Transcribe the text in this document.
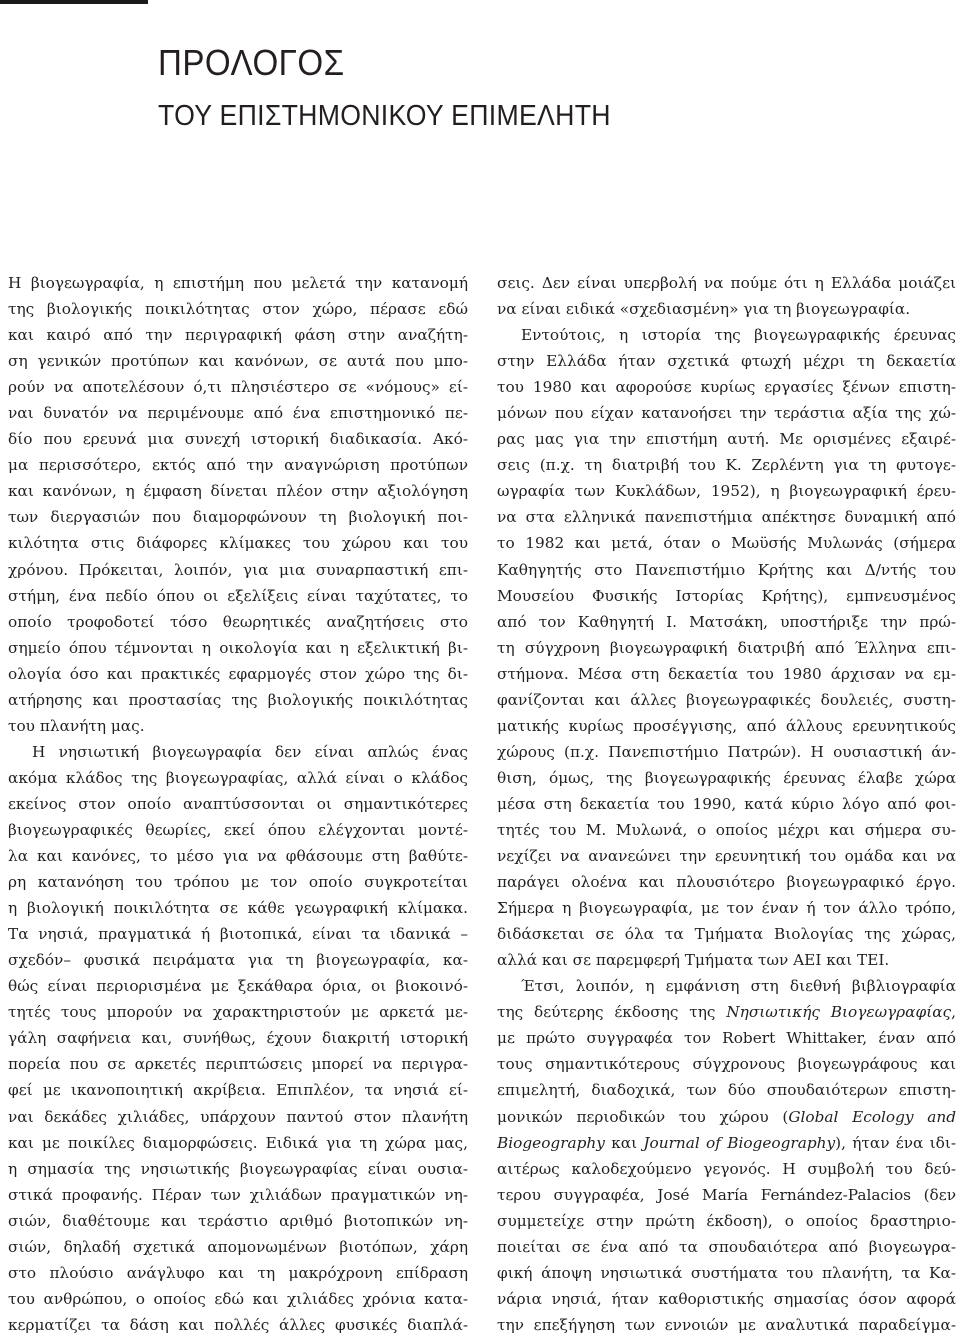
ΠΡΟΛΟΓΟΣ
ΤΟΥ ΕΠΙΣΤΗΜΟΝΙΚΟΥ ΕΠΙΜΕΛΗΤΗ
Η βιογεωγραφία, η επιστήμη που μελετά την κατανομή
της βιολογικής ποικιλότητας στον χώρο, πέρασε εδώ
και καιρό από την περιγραφική φάση στην αναζήτη-
ση γενικών προτύπων και κανόνων, σε αυτά που μπο-
ρούν να αποτελέσουν ό,τι πλησιέστερο σε «νόμους» εί-
ναι δυνατόν να περιμένουμε από ένα επιστημονικό πε-
δίο που ερευνά μια συνεχή ιστορική διαδικασία. Ακό-
μα περισσότερο, εκτός από την αναγνώριση προτύπων
και κανόνων, η έμφαση δίνεται πλέον στην αξιολόγηση
των διεργασιών που διαμορφώνουν τη βιολογική ποι-
κιλότητα στις διάφορες κλίμακες του χώρου και του
χρόνου. Πρόκειται, λοιπόν, για μια συναρπαστική επι-
στήμη, ένα πεδίο όπου οι εξελίξεις είναι ταχύτατες, το
οποίο τροφοδοτεί τόσο θεωρητικές αναζητήσεις στο
σημείο όπου τέμνονται η οικολογία και η εξελικτική βι-
ολογία όσο και πρακτικές εφαρμογές στον χώρο της δι-
ατήρησης και προστασίας της βιολογικής ποικιλότητας
του πλανήτη μας.
Η νησιωτική βιογεωγραφία δεν είναι απλώς ένας
ακόμα κλάδος της βιογεωγραφίας, αλλά είναι ο κλάδος
εκείνος στον οποίο αναπτύσσονται οι σημαντικότερες
βιογεωγραφικές θεωρίες, εκεί όπου ελέγχονται μοντέ-
λα και κανόνες, το μέσο για να φθάσουμε στη βαθύτε-
ρη κατανόηση του τρόπου με τον οποίο συγκροτείται
η βιολογική ποικιλότητα σε κάθε γεωγραφική κλίμακα.
Τα νησιά, πραγματικά ή βιοτοπικά, είναι τα ιδανικά –
σχεδόν– φυσικά πειράματα για τη βιογεωγραφία, κα-
θώς είναι περιορισμένα με ξεκάθαρα όρια, οι βιοκοινό-
τητές τους μπορούν να χαρακτηριστούν με αρκετά με-
γάλη σαφήνεια και, συνήθως, έχουν διακριτή ιστορική
πορεία που σε αρκετές περιπτώσεις μπορεί να περιγρα-
φεί με ικανοποιητική ακρίβεια. Επιπλέον, τα νησιά εί-
ναι δεκάδες χιλιάδες, υπάρχουν παντού στον πλανήτη
και με ποικίλες διαμορφώσεις. Ειδικά για τη χώρα μας,
η σημασία της νησιωτικής βιογεωγραφίας είναι ουσια-
στικά προφανής. Πέραν των χιλιάδων πραγματικών νη-
σιών, διαθέτουμε και τεράστιο αριθμό βιοτοπικών νη-
σιών, δηλαδή σχετικά απομονωμένων βιοτόπων, χάρη
στο πλούσιο ανάγλυφο και τη μακρόχρονη επίδραση
του ανθρώπου, ο οποίος εδώ και χιλιάδες χρόνια κατα-
κερματίζει τα δάση και πολλές άλλες φυσικές διαπλά-
σεις. Δεν είναι υπερβολή να πούμε ότι η Ελλάδα μοιάζει
να είναι ειδικά «σχεδιασμένη» για τη βιογεωγραφία.
Εντούτοις, η ιστορία της βιογεωγραφικής έρευνας
στην Ελλάδα ήταν σχετικά φτωχή μέχρι τη δεκαετία
του 1980 και αφορούσε κυρίως εργασίες ξένων επιστη-
μόνων που είχαν κατανοήσει την τεράστια αξία της χώ-
ρας μας για την επιστήμη αυτή. Με ορισμένες εξαιρέ-
σεις (π.χ. τη διατριβή του Κ. Ζερλέντη για τη φυτογε-
ωγραφία των Κυκλάδων, 1952), η βιογεωγραφική έρευ-
να στα ελληνικά πανεπιστήμια απέκτησε δυναμική από
το 1982 και μετά, όταν ο Μωϋσής Μυλωνάς (σήμερα
Καθηγητής στο Πανεπιστήμιο Κρήτης και Δ/ντής του
Μουσείου Φυσικής Ιστορίας Κρήτης), εμπνευσμένος
από τον Καθηγητή Ι. Ματσάκη, υποστήριξε την πρώ-
τη σύγχρονη βιογεωγραφική διατριβή από Έλληνα επι-
στήμονα. Μέσα στη δεκαετία του 1980 άρχισαν να εμ-
φανίζονται και άλλες βιογεωγραφικές δουλειές, συστη-
ματικής κυρίως προσέγγισης, από άλλους ερευνητικούς
χώρους (π.χ. Πανεπιστήμιο Πατρών). Η ουσιαστική άν-
θιση, όμως, της βιογεωγραφικής έρευνας έλαβε χώρα
μέσα στη δεκαετία του 1990, κατά κύριο λόγο από φοι-
τητές του Μ. Μυλωνά, ο οποίος μέχρι και σήμερα συ-
νεχίζει να ανανεώνει την ερευνητική του ομάδα και να
παράγει ολοένα και πλουσιότερο βιογεωγραφικό έργο.
Σήμερα η βιογεωγραφία, με τον έναν ή τον άλλο τρόπο,
διδάσκεται σε όλα τα Τμήματα Βιολογίας της χώρας,
αλλά και σε παρεμφερή Τμήματα των ΑΕΙ και ΤΕΙ.
Έτσι, λοιπόν, η εμφάνιση στη διεθνή βιβλιογραφία
της δεύτερης έκδοσης της Νησιωτικής Βιογεωγραφίας,
με πρώτο συγγραφέα τον Robert Whittaker, έναν από
τους σημαντικότερους σύγχρονους βιογεωγράφους και
επιμελητή, διαδοχικά, των δύο σπουδαιότερων επιστη-
μονικών περιοδικών του χώρου (Global Ecology and
Biogeography και Journal of Biogeography), ήταν ένα ιδι-
αιτέρως καλοδεχούμενο γεγονός. Η συμβολή του δεύ-
τερου συγγραφέα, José María Fernández-Palacios (δεν
συμμετείχε στην πρώτη έκδοση), ο οποίος δραστηριο-
ποιείται σε ένα από τα σπουδαιότερα από βιογεωγρα-
φική άποψη νησιωτικά συστήματα του πλανήτη, τα Κα-
νάρια νησιά, ήταν καθοριστικής σημασίας όσον αφορά
την επεξήγηση των εννοιών με αναλυτικά παραδείγμα-
